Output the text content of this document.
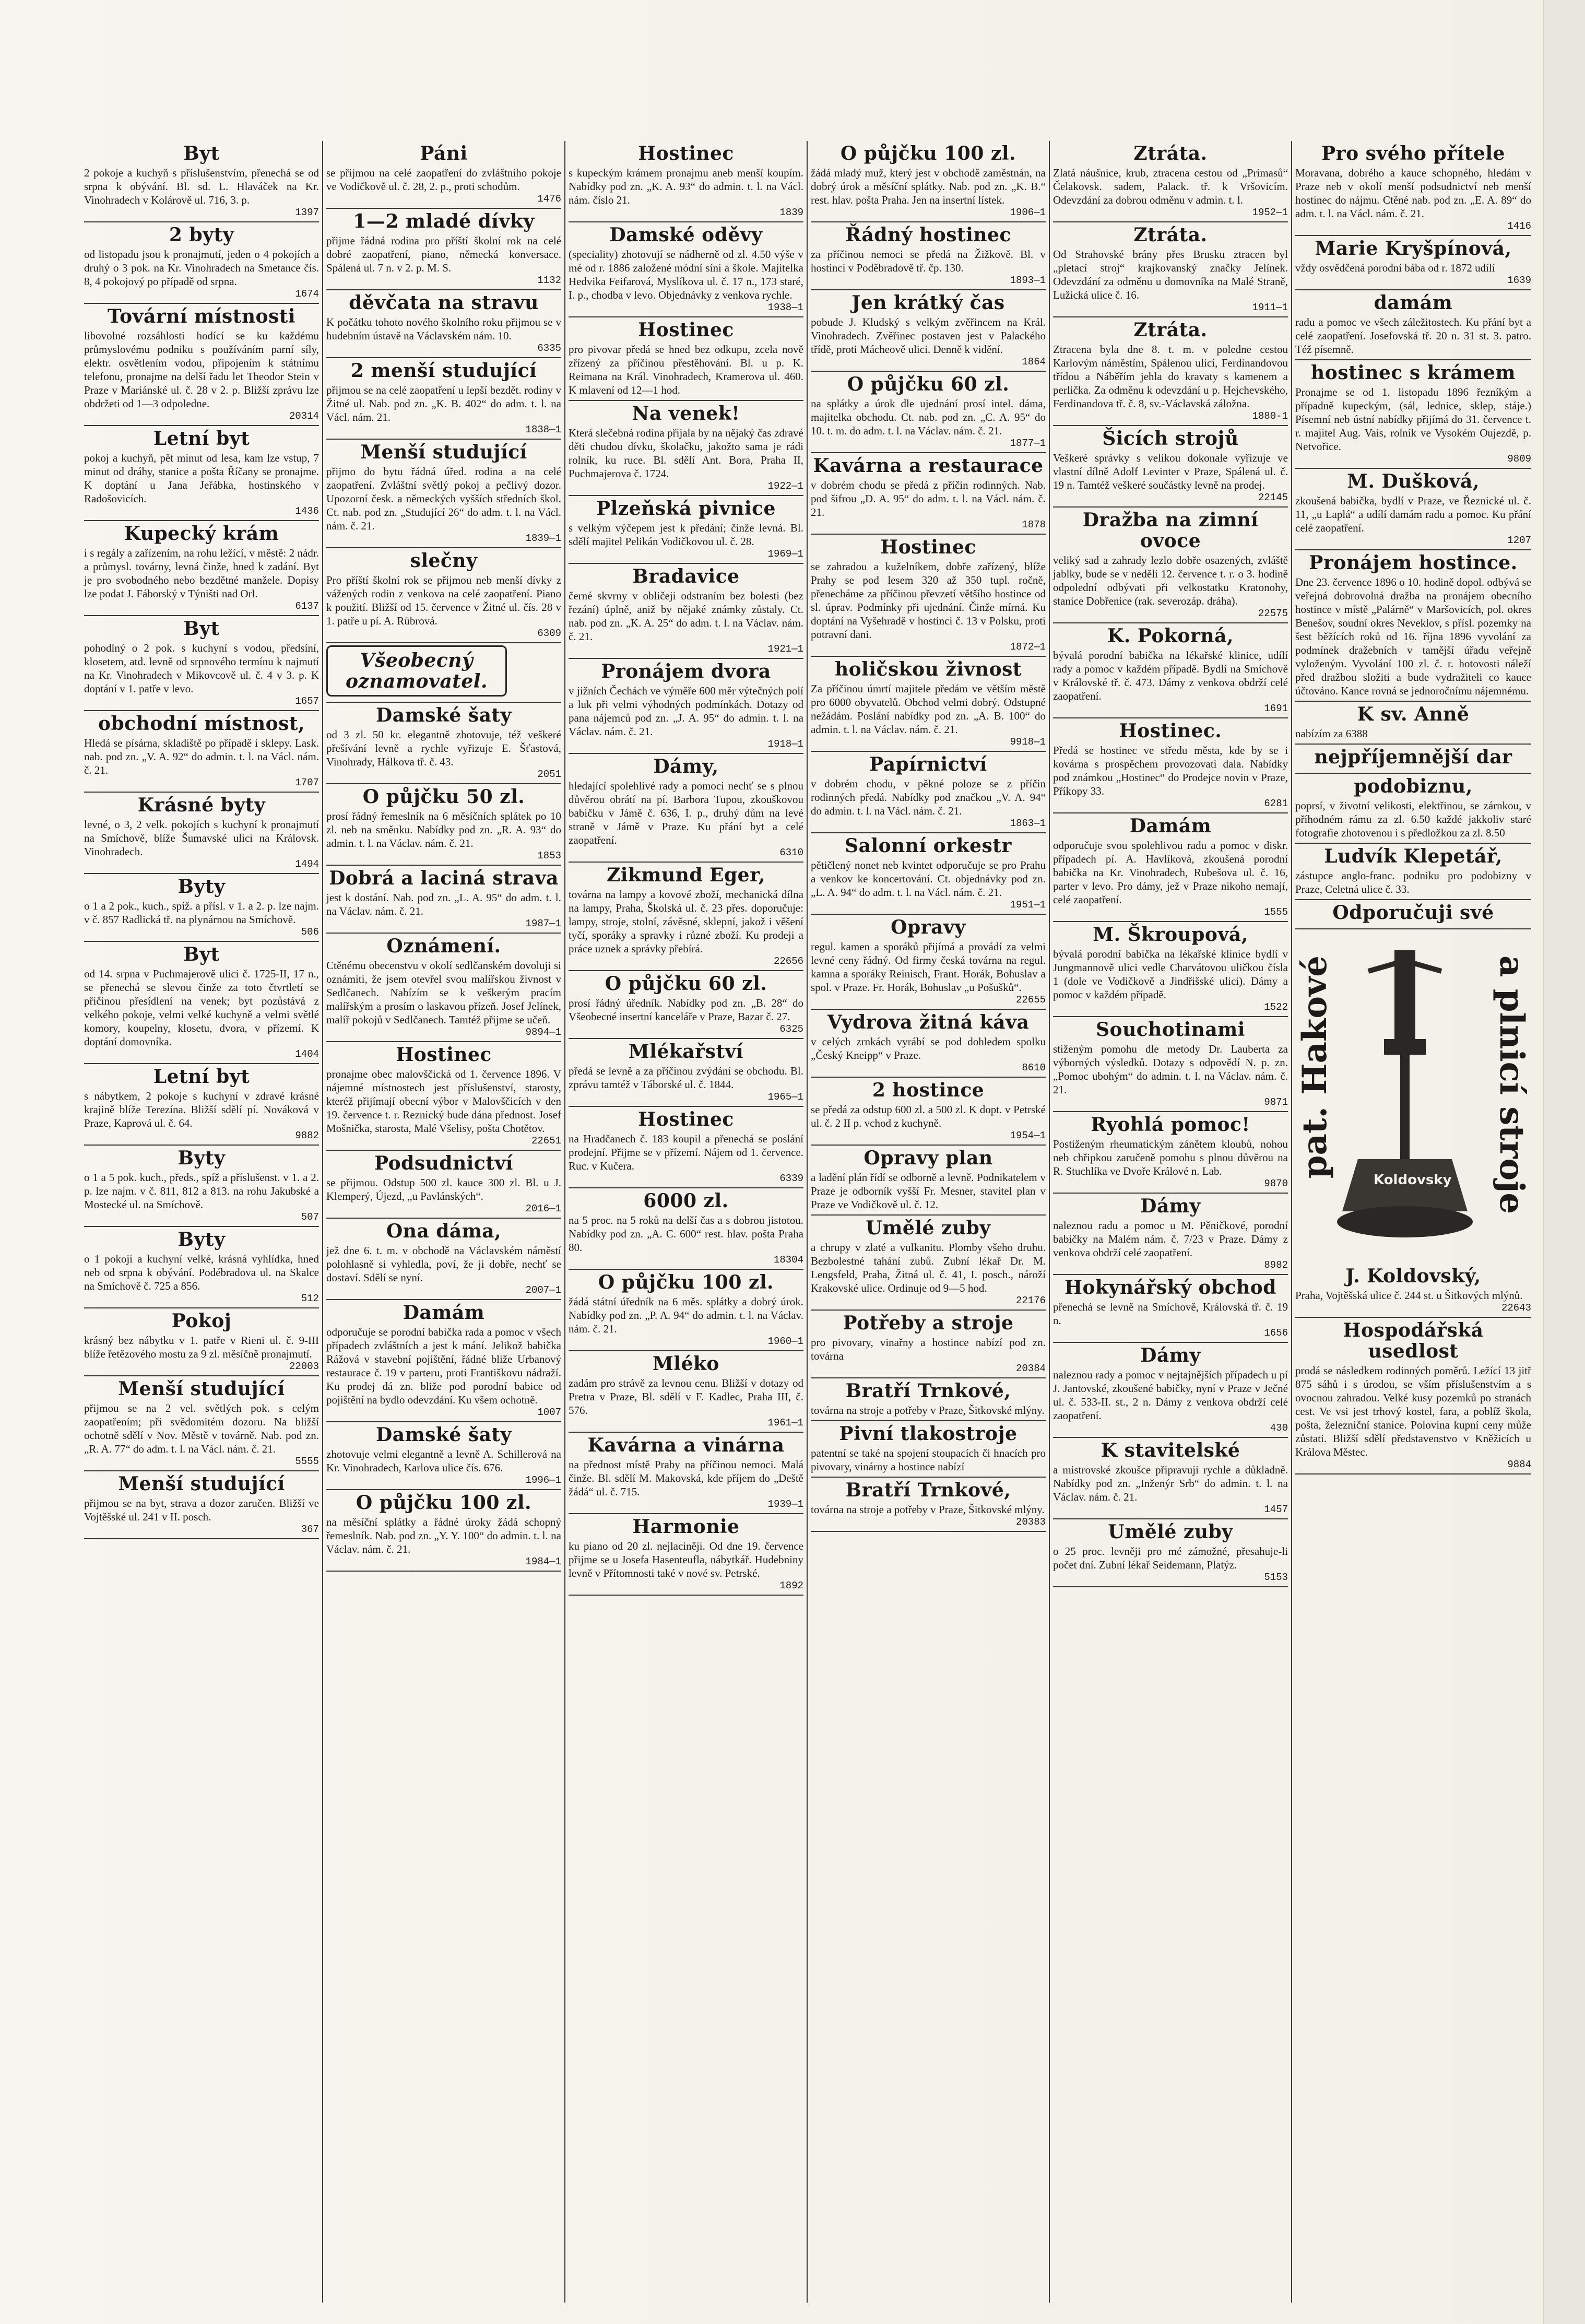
Byt

2 pokoje a kuchyň s příslušenstvím, přenechá se od srpna k obývání. Bl. sd. L. Hlaváček na Kr. Vinohradech v Kolárově ul. 716, 3. p.

1397
2 byty

od listopadu jsou k pronajmutí, jeden o 4 pokojích a druhý o 3 pok. na Kr. Vinohradech na Smetance čís. 8, 4 pokojový po případě od srpna.

1674
Tovární místnosti

libovolné rozsáhlosti hodící se ku každému průmyslovému podniku s používáním parní síly, elektr. osvětlením vodou, připojením k státnímu telefonu, pronajme na delší řadu let Theodor Stein v Praze v Mariánské ul. č. 28 v 2. p. Bližší zprávu lze obdržeti od 1—3 odpoledne.

20314
Letní byt

pokoj a kuchyň, pět minut od lesa, kam lze vstup, 7 minut od dráhy, stanice a pošta Říčany se pronajme. K doptání u Jana Jeřábka, hostinského v Radošovicích.

1436
Kupecký krám

i s regály a zařízením, na rohu ležící, v městě: 2 nádr. a průmysl. továrny, levná činže, hned k zadání. Byt je pro svobodného nebo bezdětné manžele. Dopisy lze podat J. Fáborský v Týništi nad Orl.

6137
Byt

pohodlný o 2 pok. s kuchyní s vodou, předsíní, klosetem, atd. levně od srpnového termínu k najmutí na Kr. Vinohradech v Mikovcově ul. č. 4 v 3. p. K doptání v 1. patře v levo.

1657
obchodní místnost,

Hledá se písárna, skladiště po případě i sklepy. Lask. nab. pod zn. „V. A. 92“ do admin. t. l. na Václ. nám. č. 21.

1707
Krásné byty

levné, o 3, 2 velk. pokojích s kuchyní k pronajmutí na Smíchově, blíže Šumavské ulici na Královsk. Vinohradech.

1494
Byty

o 1 a 2 pok., kuch., spíž. a přísl. v 1. a 2. p. lze najm. v č. 857 Radlická tř. na plynárnou na Smíchově.

506
Byt

od 14. srpna v Puchmajerově ulici č. 1725-II, 17 n., se přenechá se slevou činže za toto čtvrtletí se přičinou přesídlení na venek; byt pozůstává z velkého pokoje, velmi velké kuchyně a velmi světlé komory, koupelny, klosetu, dvora, v přízemí. K doptání domovníka.

1404
Letní byt

s nábytkem, 2 pokoje s kuchyní v zdravé krásné krajině blíže Terezína. Bližší sdělí pí. Nováková v Praze, Kaprová ul. č. 64.

9882
Byty

o 1 a 5 pok. kuch., předs., spíž a příslušenst. v 1. a 2. p. lze najm. v č. 811, 812 a 813. na rohu Jakubské a Mostecké ul. na Smíchově.

507
Byty

o 1 pokoji a kuchyní velké, krásná vyhlídka, hned neb od srpna k obývání. Podébradova ul. na Skalce na Smíchově č. 725 a 856.

512
Pokoj

krásný bez nábytku v 1. patře v Rieni ul. č. 9-III blíže řetězového mostu za 9 zl. měsíčně pronajmutí.

22003
Menší studující

přijmou se na 2 vel. světlých pok. s celým zaopatřením; při svědomitém dozoru. Na bližší ochotně sdělí v Nov. Městě v továrně. Nab. pod zn. „R. A. 77“ do adm. t. l. na Václ. nám. č. 21.

5555
Menší studující

přijmou se na byt, strava a dozor zaručen. Bližší ve Vojtěšské ul. 241 v II. posch.

367
Páni

se přijmou na celé zaopatření do zvláštního pokoje ve Vodičkově ul. č. 28, 2. p., proti schodům.

1476
1—2 mladé dívky

přijme řádná rodina pro příští školní rok na celé dobré zaopatření, piano, německá konversace. Spálená ul. 7 n. v 2. p. M. S.

1132
děvčata na stravu

K počátku tohoto nového školního roku přijmou se v hudebním ústavě na Václavském nám. 10.

6335
2 menší studující

přijmou se na celé zaopatření u lepší bezdět. rodiny v Žitné ul. Nab. pod zn. „K. B. 402“ do adm. t. l. na Václ. nám. 21.

1838—1
Menší studující

přijmo do bytu řádná úřed. rodina a na celé zaopatření. Zvláštní světlý pokoj a pečlivý dozor. Upozorní česk. a německých vyšších středních škol. Ct. nab. pod zn. „Studující 26“ do adm. t. l. na Václ. nám. č. 21.

1839—1
slečny

Pro příští školní rok se přijmou neb menší dívky z vážených rodin z venkova na celé zaopatření. Piano k použití. Bližší od 15. července v Žitné ul. čís. 28 v 1. patře u pí. A. Rübrová.

6309
Všeobecný oznamovatel.
Damské šaty

od 3 zl. 50 kr. elegantně zhotovuje, též veškeré přešívání levně a rychle vyřizuje E. Šťastová, Vinohrady, Hálkova tř. č. 43.

2051
O půjčku 50 zl.

prosí řádný řemeslník na 6 měsíčních splátek po 10 zl. neb na směnku. Nabídky pod zn. „R. A. 93“ do admin. t. l. na Václav. nám. č. 21.

1853
Dobrá a laciná strava

jest k dostání. Nab. pod zn. „L. A. 95“ do adm. t. l. na Václav. nám. č. 21.

1987—1
Oznámení.

Ctěnému obecenstvu v okolí sedlčanském dovoluji si oznámiti, že jsem otevřel svou malířskou živnost v Sedlčanech. Nabízím se k veškerým pracím malířským a prosím o laskavou přízeň. Josef Jelínek, malíř pokojů v Sedlčanech. Tamtéž přijme se učeň.

9894—1
Hostinec

pronajme obec malovščická od 1. července 1896. V nájemné místnostech jest příslušenství, starosty, kteréž přijímají obecní výbor v Malovščicích v den 19. července t. r. Reznický bude dána přednost. Josef Mošnička, starosta, Malé Všelisy, pošta Chotětov.

22651
Podsudnictví

se přijmou. Odstup 500 zl. kauce 300 zl. Bl. u J. Klemperý, Újezd, „u Pavlánských“.

2016—1
Ona dáma,

jež dne 6. t. m. v obchodě na Václavském náměstí polohlasně si vyhledla, poví, že ji dobře, nechť se dostaví. Sdělí se nyní.

2007—1
Damám

odporučuje se porodní babička rada a pomoc v všech případech zvláštních a jest k mání. Jelikož babička Rážová v stavební pojištění, řádné bliže Urbanový restaurace č. 19 v parteru, proti Františkovu nádraží. Ku prodej dá zn. bliže pod porodní babice od pojištění na bydlo odevzdání. Ku všem ochotně.

1007
Damské šaty

zhotovuje velmi elegantně a levně A. Schillerová na Kr. Vinohradech, Karlova ulice čís. 676.

1996—1
O půjčku 100 zl.

na měsíční splátky a řádné úroky žádá schopný řemeslník. Nab. pod zn. „Y. Y. 100“ do admin. t. l. na Václav. nám. č. 21.

1984—1
Hostinec

s kupeckým krámem pronajmu aneb menší koupím. Nabídky pod zn. „K. A. 93“ do admin. t. l. na Václ. nám. číslo 21.

1839
Damské oděvy

(speciality) zhotovují se nádherně od zl. 4.50 výše v mé od r. 1886 založené módní síni a škole. Majitelka Hedvika Feifarová, Myslíkova ul. č. 17 n., 173 staré, I. p., chodba v levo. Objednávky z venkova rychle.

1938—1
Hostinec

pro pivovar předá se hned bez odkupu, zcela nově zřízený za příčinou přestěhování. Bl. u p. K. Reimana na Král. Vinohradech, Kramerova ul. 460. K mlavení od 12—1 hod.

Na venek!

Která slečebná rodina přijala by na nějaký čas zdravé děti chudou dívku, školačku, jakožto sama je rádi rolník, ku ruce. Bl. sdělí Ant. Bora, Praha II, Puchmajerova č. 1724.

1922—1
Plzeňská pivnice

s velkým výčepem jest k předání; činže levná. Bl. sdělí majitel Pelikán Vodičkovou ul. č. 28.

1969—1
Bradavice

černé skvrny v obličeji odstraním bez bolesti (bez řezání) úplně, aniž by nějaké známky zůstaly. Ct. nab. pod zn. „K. A. 25“ do adm. t. l. na Václav. nám. č. 21.

1921—1
Pronájem dvora

v jižních Čechách ve výměře 600 měr výtečných polí a luk při velmi výhodných podmínkách. Dotazy od pana nájemců pod zn. „J. A. 95“ do admin. t. l. na Václav. nám. č. 21.

1918—1
Dámy,

hledající spolehlivé rady a pomoci nechť se s plnou důvěrou obrátí na pí. Barbora Tupou, zkouškovou babičku v Jámě č. 636, I. p., druhý dům na levé straně v Jámě v Praze. Ku přání byt a celé zaopatření.

6310
Zikmund Eger,

továrna na lampy a kovové zboží, mechanická dílna na lampy, Praha, Školská ul. č. 23 přes. doporučuje: lampy, stroje, stolní, závěsné, sklepní, jakož i věšení tyčí, sporáky a spravky i různé zboží. Ku prodeji a práce uznek a správky přebírá.

22656
O půjčku 60 zl.

prosí řádný úředník. Nabídky pod zn. „B. 28“ do Všeobecné insertní kanceláře v Praze, Bazar č. 27.

6325
Mlékařství

předá se levně a za příčinou zvýdání se obchodu. Bl. zprávu tamtéž v Táborské ul. č. 1844.

1965—1
Hostinec

na Hradčanech č. 183 koupil a přenechá se poslání prodejní. Přijme se v přízemí. Nájem od 1. července. Ruc. v Kučera.

6339
6000 zl.

na 5 proc. na 5 roků na delší čas a s dobrou jistotou. Nabídky pod zn. „A. C. 600“ rest. hlav. pošta Praha 80.

18304
O půjčku 100 zl.

žádá státní úředník na 6 měs. splátky a dobrý úrok. Nabídky pod zn. „P. A. 94“ do admin. t. l. na Václav. nám. č. 21.

1960—1
Mléko

zadám pro strávě za levnou cenu. Bližší v dotazy od Pretra v Praze, Bl. sdělí v F. Kadlec, Praha III, č. 576.

1961—1
Kavárna a vinárna

na přednost místě Praby na příčinou nemoci. Malá činže. Bl. sdělí M. Makovská, kde příjem do „Deště žádá“ ul. č. 715.

1939—1
Harmonie

ku piano od 20 zl. nejlaciněji. Od dne 19. července přijme se u Josefa Hasenteufla, nábytkář. Hudebniny levně v Přítomnosti také v nové sv. Petrské.

1892
O půjčku 100 zl.

žádá mladý muž, který jest v obchodě zaměstnán, na dobrý úrok a měsíční splátky. Nab. pod zn. „K. B.“ rest. hlav. pošta Praha. Jen na insertní lístek.

1906—1
Řádný hostinec

za příčinou nemoci se předá na Žižkově. Bl. v hostinci v Poděbradově tř. čp. 130.

1893—1
Jen krátký čas

pobude J. Kludský s velkým zvěřincem na Král. Vinohradech. Zvěřinec postaven jest v Palackého třídě, proti Mácheově ulici. Denně k vidění.

1864
O půjčku 60 zl.

na splátky a úrok dle ujednání prosí intel. dáma, majitelka obchodu. Ct. nab. pod zn. „C. A. 95“ do 10. t. m. do adm. t. l. na Václav. nám. č. 21.

1877—1
Kavárna a restaurace

v dobrém chodu se předá z příčin rodinných. Nab. pod šifrou „D. A. 95“ do adm. t. l. na Václ. nám. č. 21.

1878
Hostinec

se zahradou a kuželníkem, dobře zařízený, blíže Prahy se pod lesem 320 až 350 tupl. ročně, přenecháme za příčinou převzetí většího hostince od sl. úprav. Podmínky při ujednání. Činže mírná. Ku doptání na Vyšehradě v hostinci č. 13 v Polsku, proti potravní dani.

1872—1
holičskou živnost

Za příčinou úmrtí majitele předám ve větším městě pro 6000 obyvatelů. Obchod velmi dobrý. Odstupné nežádám. Poslání nabídky pod zn. „A. B. 100“ do admin. t. l. na Václav. nám. č. 21.

9918—1
Papírnictví

v dobrém chodu, v pěkné poloze se z příčin rodinných předá. Nabídky pod značkou „V. A. 94“ do admin. t. l. na Václ. nám. č. 21.

1863—1
Salonní orkestr

pětičlený nonet neb kvintet odporučuje se pro Prahu a venkov ke koncertování. Ct. objednávky pod zn. „L. A. 94“ do adm. t. l. na Václ. nám. č. 21.

1951—1
Opravy

regul. kamen a sporáků přijímá a provádí za velmi levné ceny řádný. Od firmy česká továrna na regul. kamna a sporáky Reinisch, Frant. Horák, Bohuslav a spol. v Praze. Fr. Horák, Bohuslav „u Pošušků“.

22655
Vydrova žitná káva

v celých zrnkách vyrábí se pod dohledem spolku „Český Kneipp“ v Praze.

8610
2 hostince

se předá za odstup 600 zl. a 500 zl. K dopt. v Petrské ul. č. 2 II p. vchod z kuchyně.

1954—1
Opravy plan

a ladění plán řídí se odborně a levně. Podnikatelem v Praze je odborník vyšší Fr. Mesner, stavitel plan v Praze ve Vodičkově ul. č. 12.

Umělé zuby

a chrupy v zlaté a vulkanitu. Plomby všeho druhu. Bezbolestné tahání zubů. Zubní lékař Dr. M. Lengsfeld, Praha, Žitná ul. č. 41, I. posch., nároží Krakovské ulice. Ordinuje od 9—5 hod.

22176
Potřeby a stroje

pro pivovary, vinařny a hostince nabízí pod zn. továrna

20384
Bratří Trnkové,

továrna na stroje a potřeby v Praze, Šitkovské mlýny.

Pivní tlakostroje

patentní se také na spojení stoupacích či hnacích pro pivovary, vinárny a hostince nabízí

Bratří Trnkové,

továrna na stroje a potřeby v Praze, Šitkovské mlýny.

20383
Ztráta.

Zlatá náušnice, krub, ztracena cestou od „Primasů“ Čelakovsk. sadem, Palack. tř. k Vršovicím. Odevzdání za dobrou odměnu v admin. t. l.

1952—1
Ztráta.

Od Strahovské brány přes Brusku ztracen byl „pletací stroj“ krajkovanský značky Jelínek. Odevzdání za odměnu u domovníka na Malé Straně, Lužická ulice č. 16.

1911—1
Ztráta.

Ztracena byla dne 8. t. m. v poledne cestou Karlovým náměstím, Spálenou ulicí, Ferdinandovou třídou a Náběřím jehla do kravaty s kamenem a perlička. Za odměnu k odevzdání u p. Hejchevského, Ferdinandova tř. č. 8, sv.-Václavská záložna.

1880-1
Šicích strojů

Veškeré správky s velikou dokonale vyřizuje ve vlastní dílně Adolf Levinter v Praze, Spálená ul. č. 19 n. Tamtéž veškeré součástky levně na prodej.

22145
Dražba na zimní ovoce

veliký sad a zahrady lezlo dobře osazených, zvláště jablky, bude se v neděli 12. července t. r. o 3. hodině odpolední odbývati při velkostatku Kratonohy, stanice Dobřenice (rak. severozáp. dráha).

22575
K. Pokorná,

bývalá porodní babička na lékařské klinice, udílí rady a pomoc v každém případě. Bydlí na Smíchově v Královské tř. č. 473. Dámy z venkova obdrží celé zaopatření.

1691
Hostinec.

Předá se hostinec ve středu města, kde by se i kovárna s prospěchem provozovati dala. Nabídky pod známkou „Hostinec“ do Prodejce novin v Praze, Příkopy 33.

6281
Damám

odporučuje svou spolehlivou radu a pomoc v diskr. případech pí. A. Havlíková, zkoušená porodní babička na Kr. Vinohradech, Rubešova ul. č. 16, parter v levo. Pro dámy, jež v Praze nikoho nemají, celé zaopatření.

1555
M. Škroupová,

bývalá porodní babička na lékařské klinice bydlí v Jungmannově ulici vedle Charvátovou uličkou čísla 1 (dole ve Vodičkově a Jindřišské ulici). Dámy a pomoc v každém případě.

1522
Souchotinami

stiženým pomohu dle metody Dr. Lauberta za výborných výsledků. Dotazy s odpovědí N. p. zn. „Pomoc ubohým“ do admin. t. l. na Václav. nám. č. 21.

9871
Ryohlá pomoc!

Postiženým rheumatickým zánětem kloubů, nohou neb chřipkou zaručeně pomohu s plnou důvěrou na R. Stuchlíka ve Dvoře Králové n. Lab.

9870
Dámy

naleznou radu a pomoc u M. Pěničkové, porodní babičky na Malém nám. č. 7/23 v Praze. Dámy z venkova obdrží celé zaopatření.

8982
Hokynářský obchod

přenechá se levně na Smíchově, Královská tř. č. 19 n.

1656
Dámy

naleznou rady a pomoc v nejtajnějších případech u pí J. Jantovské, zkoušené babičky, nyní v Praze v Ječné ul. č. 533-II. st., 2 n. Dámy z venkova obdrží celé zaopatření.

430
K stavitelské

a mistrovské zkoušce připravuji rychle a důkladně. Nabídky pod zn. „Inženýr Srb“ do admin. t. l. na Václav. nám. č. 21.

1457
Umělé zuby

o 25 proc. levněji pro mé zámožné, přesahuje-li počet dní. Zubní lékař Seidemann, Platýz.

5153
Pro svého přítele

Moravana, dobrého a kauce schopného, hledám v Praze neb v okolí menší podsudnictví neb menší hostinec do nájmu. Ctěné nab. pod zn. „E. A. 89“ do adm. t. l. na Václ. nám. č. 21.

1416
Marie Kryšpínová,

vždy osvědčená porodní bába od r. 1872 udílí

1639
damám

radu a pomoc ve všech záležitostech. Ku přání byt a celé zaopatření. Josefovská tř. 20 n. 31 st. 3. patro. Též písemně.

hostinec s krámem

Pronajme se od 1. listopadu 1896 řezníkým a případně kupeckým, (sál, lednice, sklep, stáje.) Písemní neb ústní nabídky přijímá do 31. července t. r. majitel Aug. Vais, rolník ve Vysokém Oujezdě, p. Netvořice.

9809
M. Dušková,

zkoušená babička, bydlí v Praze, ve Řeznické ul. č. 11, „u Laplá“ a udílí damám radu a pomoc. Ku přání celé zaopatření.

1207
Pronájem hostince.

Dne 23. července 1896 o 10. hodině dopol. odbývá se veřejná dobrovolná dražba na pronájem obecního hostince v místě „Palárně“ v Maršovicích, pol. okres Benešov, soudní okres Neveklov, s přísl. pozemky na šest běžících roků od 16. října 1896 vyvolání za podmínek dražebních v tamější úřadu veřejně vyloženým. Vyvolání 100 zl. č. r. hotovosti náleží před dražbou složiti a bude vydražiteli co kauce účtováno. Kance rovná se jednoročnímu nájemnému.

K sv. Anně

nabízím za 6388

nejpříjemnější dar
podobiznu,

poprsí, v životní velikosti, elektřinou, se zárnkou, v příhodném rámu za zl. 6.50 každé jakkoliv staré fotografie zhotovenou i s předložkou za zl. 8.50

Ludvík Klepetář,

zástupce anglo-franc. podniku pro podobizny v Praze, Celetná ulice č. 33.

Odporučuji své
pat. Hakové	a plnicí stroje
Koldovsky
J. Koldovský,

Praha, Vojtěšská ulice č. 244 st. u Šitkových mlýnů.

22643
Hospodářská usedlost

prodá se následkem rodinných poměrů. Ležící 13 jitř 875 sáhů i s úrodou, se vším příslušenstvím a s ovocnou zahradou. Velké kusy pozemků po stranách cest. Ve vsi jest trhový kostel, fara, a poblíž škola, pošta, železniční stanice. Polovina kupní ceny může zůstati. Bližší sdělí představenstvo v Kněžicích u Králova Městec.

9884
